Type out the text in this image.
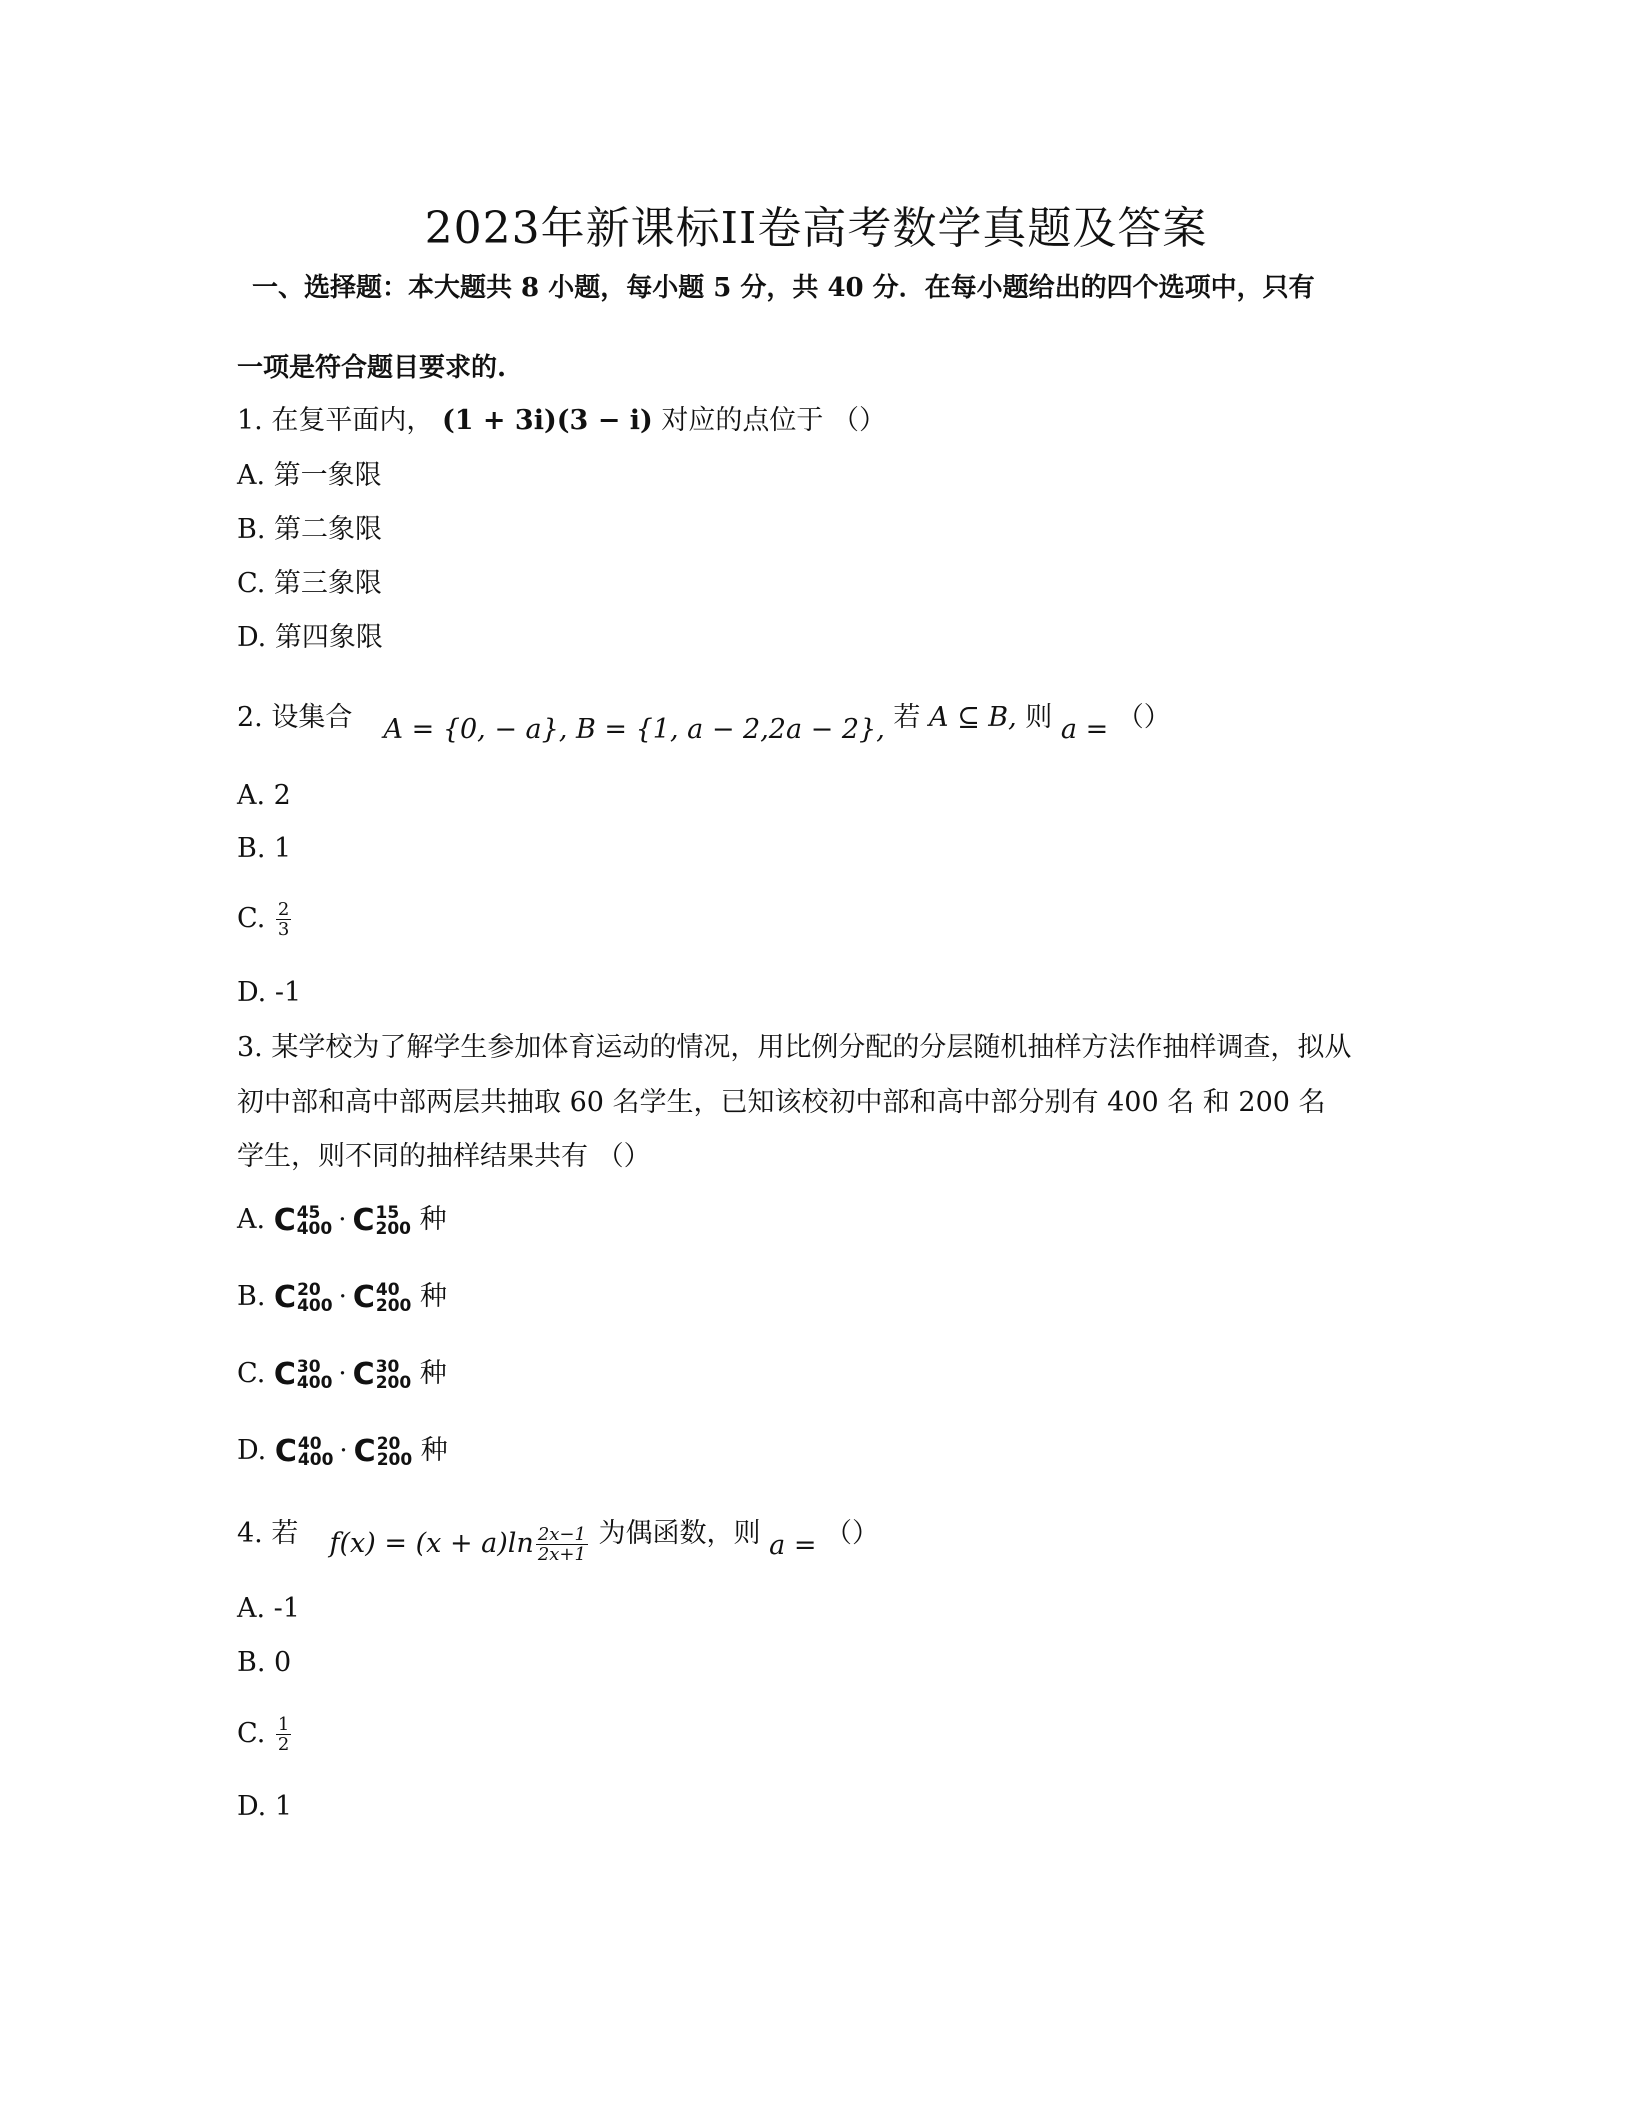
2023年新课标II卷高考数学真题及答案
一、选择题：本大题共 8 小题，每小题 5 分，共 40 分．在每小题给出的四个选项中，只有
一项是符合题目要求的.
1. 在复平面内， (1 + 3i)(3 − i) 对应的点位于 （）
A. 第一象限
B. 第二象限
C. 第三象限
D. 第四象限
2. 设集合 A = {0, − a}, B = {1, a − 2,2a − 2}, 若 A ⊆ B, 则 a = （）
A. 2
B. 1
C. $\frac{2}{3}$
D. -1
3. 某学校为了解学生参加体育运动的情况，用比例分配的分层随机抽样方法作抽样调查，拟从
初中部和高中部两层共抽取 60 名学生，已知该校初中部和高中部分别有 400 名 和 200 名
学生，则不同的抽样结果共有 （）
A. C 45
400 · C 15
200 种
B. C 20
400 · C 40
200 种
C. C 30
400 · C 30
200 种
D. C 40
400 · C 20
200 种
4. 若 $f(x) = (x + a)\ln \frac{2x-1}{2x+1}$ 为偶函数，则 a = （）
A. -1
B. 0
C. $\frac{1}{2}$
D. 1
